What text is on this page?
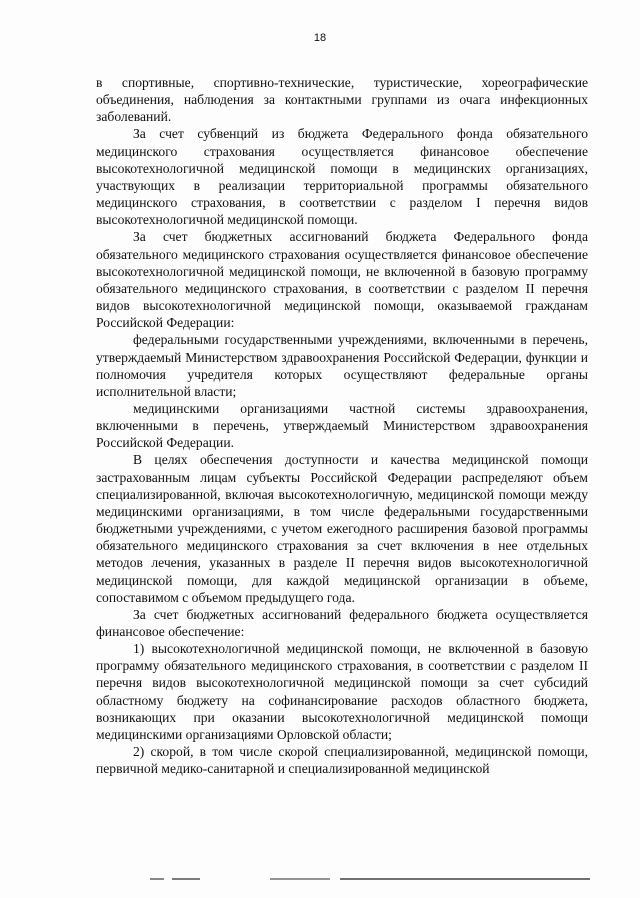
18

в спортивные, спортивно-технические, туристические, хореографические объединения, наблюдения за контактными группами из очага инфекционных заболеваний.

За счет субвенций из бюджета Федерального фонда обязательного медицинского страхования осуществляется финансовое обеспечение высокотехнологичной медицинской помощи в медицинских организациях, участвующих в реализации территориальной программы обязательного медицинского страхования, в соответствии с разделом I перечня видов высокотехнологичной медицинской помощи.

За счет бюджетных ассигнований бюджета Федерального фонда обязательного медицинского страхования осуществляется финансовое обеспечение высокотехнологичной медицинской помощи, не включенной в базовую программу обязательного медицинского страхования, в соответствии с разделом II перечня видов высокотехнологичной медицинской помощи, оказываемой гражданам Российской Федерации:

федеральными государственными учреждениями, включенными в перечень, утверждаемый Министерством здравоохранения Российской Федерации, функции и полномочия учредителя которых осуществляют федеральные органы исполнительной власти;

медицинскими организациями частной системы здравоохранения, включенными в перечень, утверждаемый Министерством здравоохранения Российской Федерации.

В целях обеспечения доступности и качества медицинской помощи застрахованным лицам субъекты Российской Федерации распределяют объем специализированной, включая высокотехнологичную, медицинской помощи между медицинскими организациями, в том числе федеральными государственными бюджетными учреждениями, с учетом ежегодного расширения базовой программы обязательного медицинского страхования за счет включения в нее отдельных методов лечения, указанных в разделе II перечня видов высокотехнологичной медицинской помощи, для каждой медицинской организации в объеме, сопоставимом с объемом предыдущего года.

За счет бюджетных ассигнований федерального бюджета осуществляется финансовое обеспечение:

1) высокотехнологичной медицинской помощи, не включенной в базовую программу обязательного медицинского страхования, в соответствии с разделом II перечня видов высокотехнологичной медицинской помощи за счет субсидий областному бюджету на софинансирование расходов областного бюджета, возникающих при оказании высокотехнологичной медицинской помощи медицинскими организациями Орловской области;

2) скорой, в том числе скорой специализированной, медицинской помощи, первичной медико-санитарной и специализированной медицинской
